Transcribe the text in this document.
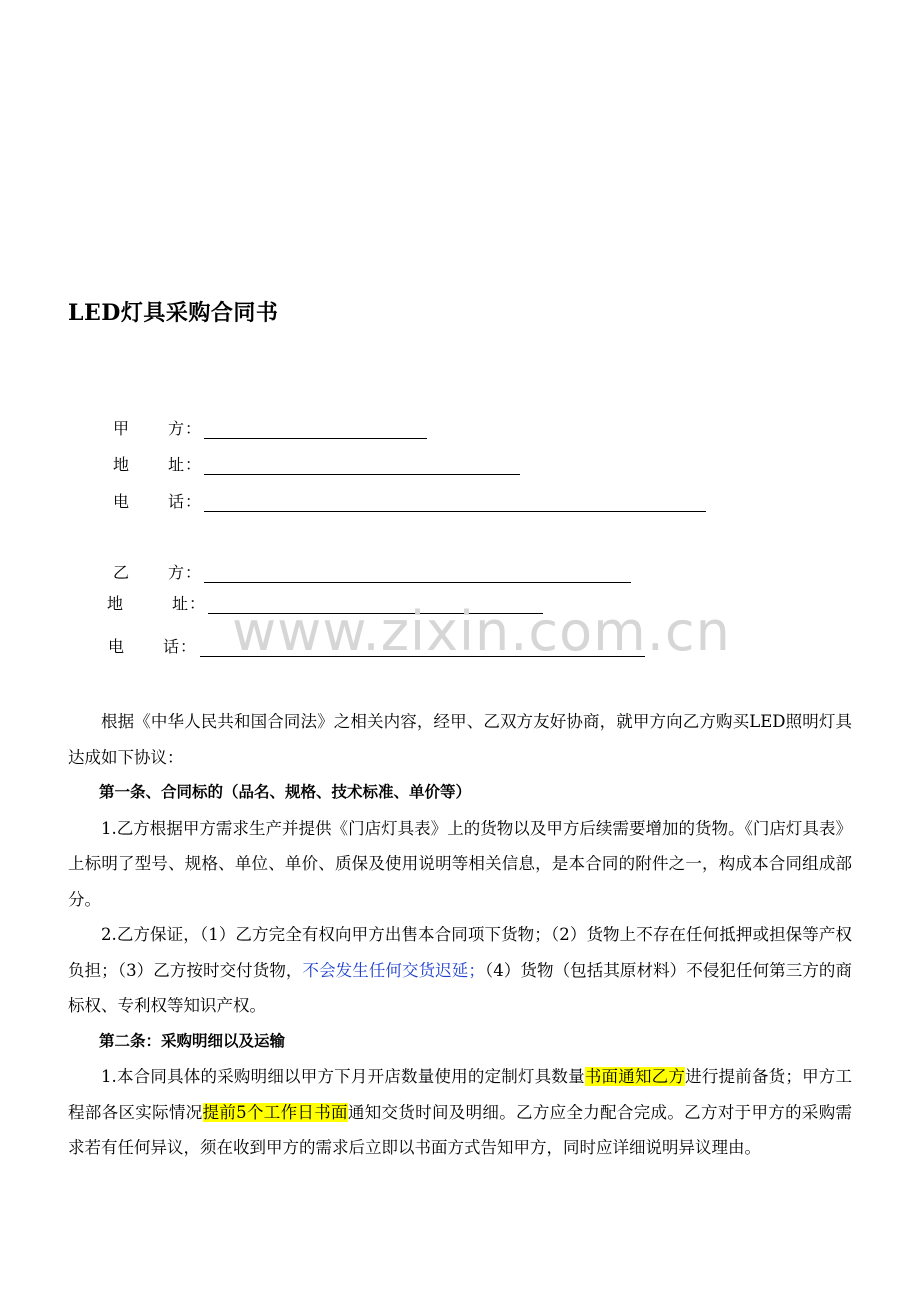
LED灯具采购合同书
甲 方 ：
地 址 ：
电 话 ：
乙 方 ：
地	址 ： www.zixin.com.cn
电 话 ：

根据《中华人民共和国合同法》之相关内容，经甲、乙双方友好协商，就甲方向乙方购买LED照明灯具达成如下协议：

第一条、合同标的（品名、规格、技术标准、单价等）

1.乙方根据甲方需求生产并提供《门店灯具表》上的货物以及甲方后续需要增加的货物。《门店灯具表》上标明了型号、规格、单位、单价、质保及使用说明等相关信息，是本合同的附件之一，构成本合同组成部分。

2.乙方保证，（1）乙方完全有权向甲方出售本合同项下货物；（2）货物上不存在任何抵押或担保等产权负担；（3）乙方按时交付货物，不会发生任何交货迟延；（4）货物（包括其原材料）不侵犯任何第三方的商标权、专利权等知识产权。

第二条：采购明细以及运输

1.本合同具体的采购明细以甲方下月开店数量使用的定制灯具数量书面通知乙方进行提前备货；甲方工程部各区实际情况提前5个工作日书面通知交货时间及明细。乙方应全力配合完成。乙方对于甲方的采购需求若有任何异议，须在收到甲方的需求后立即以书面方式告知甲方，同时应详细说明异议理由。
